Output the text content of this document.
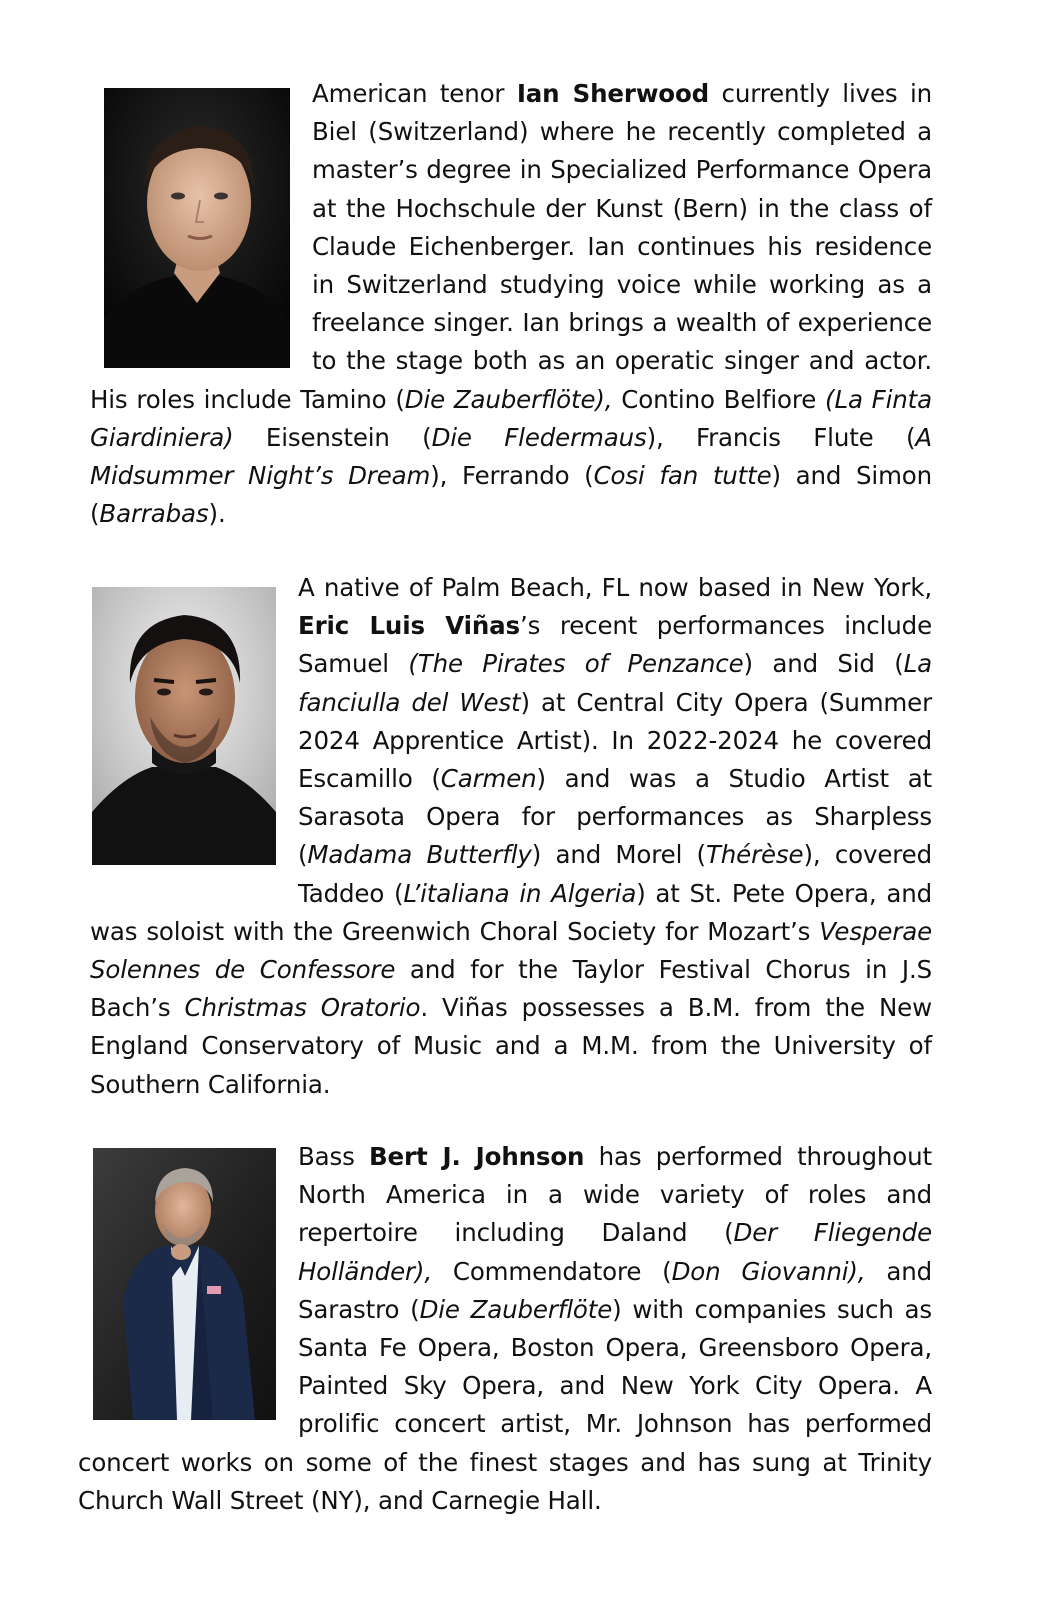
American tenor Ian Sherwood currently lives in Biel (Switzerland) where he recently completed a master’s degree in Specialized Performance Opera at the Hochschule der Kunst (Bern) in the class of Claude Eichenberger. Ian continues his residence in Switzerland studying voice while working as a freelance singer. Ian brings a wealth of experience to the stage both as an operatic singer and actor. His roles include Tamino (Die Zauberflöte), Contino Belfiore (La Finta Giardiniera) Eisenstein (Die Fledermaus), Francis Flute (A Midsummer Night’s Dream), Ferrando (Cosi fan tutte) and Simon (Barrabas).
A native of Palm Beach, FL now based in New York, Eric Luis Viñas’s recent performances include Samuel (The Pirates of Penzance) and Sid (La fanciulla del West) at Central City Opera (Summer 2024 Apprentice Artist). In 2022-2024 he covered Escamillo (Carmen) and was a Studio Artist at Sarasota Opera for performances as Sharpless (Madama Butterfly) and Morel (Thérèse), covered Taddeo (L’italiana in Algeria) at St. Pete Opera, and was soloist with the Greenwich Choral Society for Mozart’s Vesperae Solennes de Confessore and for the Taylor Festival Chorus in J.S Bach’s Christmas Oratorio. Viñas possesses a B.M. from the New England Conservatory of Music and a M.M. from the University of Southern California.
Bass Bert J. Johnson has performed throughout North America in a wide variety of roles and repertoire including Daland (Der Fliegende Holländer), Commendatore (Don Giovanni), and Sarastro (Die Zauberflöte) with companies such as Santa Fe Opera, Boston Opera, Greensboro Opera, Painted Sky Opera, and New York City Opera. A prolific concert artist, Mr. Johnson has performed concert works on some of the finest stages and has sung at Trinity Church Wall Street (NY), and Carnegie Hall.
